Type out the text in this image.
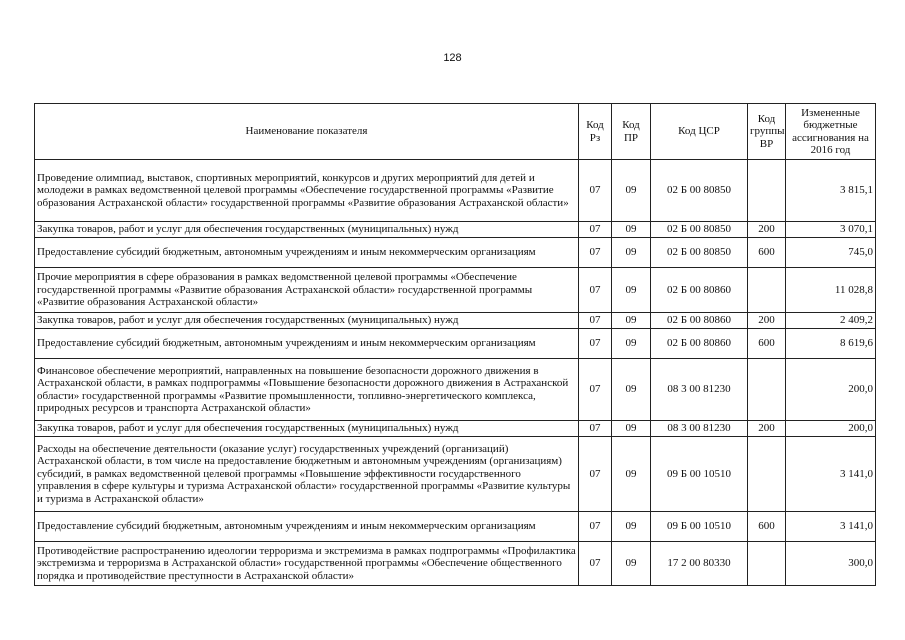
128
Наименование показателя	Код Рз	Код ПР	Код ЦСР	Код группы ВР	Измененные бюджетные ассигнования на 2016 год
Проведение олимпиад, выставок, спортивных мероприятий, конкурсов и других мероприятий для детей и молодежи в рамках ведомственной целевой программы «Обеспечение государственной программы «Развитие образования Астраханской области» государственной программы «Развитие образования Астраханской области»	07	09	02 Б 00 80850		3 815,1
Закупка товаров, работ и услуг для обеспечения государственных (муниципальных) нужд	07	09	02 Б 00 80850	200	3 070,1
Предоставление субсидий бюджетным, автономным учреждениям и иным некоммерческим организациям	07	09	02 Б 00 80850	600	745,0
Прочие мероприятия в сфере образования в рамках ведомственной целевой программы «Обеспечение государственной программы «Развитие образования Астраханской области» государственной программы «Развитие образования Астраханской области»	07	09	02 Б 00 80860		11 028,8
Закупка товаров, работ и услуг для обеспечения государственных (муниципальных) нужд	07	09	02 Б 00 80860	200	2 409,2
Предоставление субсидий бюджетным, автономным учреждениям и иным некоммерческим организациям	07	09	02 Б 00 80860	600	8 619,6
Финансовое обеспечение мероприятий, направленных на повышение безопасности дорожного движения в Астраханской области, в рамках подпрограммы «Повышение безопасности дорожного движения в Астраханской области» государственной программы «Развитие промышленности, топливно-энергетического комплекса, природных ресурсов и транспорта Астраханской области»	07	09	08 3 00 81230		200,0
Закупка товаров, работ и услуг для обеспечения государственных (муниципальных) нужд	07	09	08 3 00 81230	200	200,0
Расходы на обеспечение деятельности (оказание услуг) государственных учреждений (организаций) Астраханской области, в том числе на предоставление бюджетным и автономным учреждениям (организациям) субсидий, в рамках ведомственной целевой программы «Повышение эффективности государственного управления в сфере культуры и туризма Астраханской области» государственной программы «Развитие культуры и туризма в Астраханской области»	07	09	09 Б 00 10510		3 141,0
Предоставление субсидий бюджетным, автономным учреждениям и иным некоммерческим организациям	07	09	09 Б 00 10510	600	3 141,0
Противодействие распространению идеологии терроризма и экстремизма в рамках подпрограммы «Профилактика экстремизма и терроризма в Астраханской области» государственной программы «Обеспечение общественного порядка и противодействие преступности в Астраханской области»	07	09	17 2 00 80330		300,0
